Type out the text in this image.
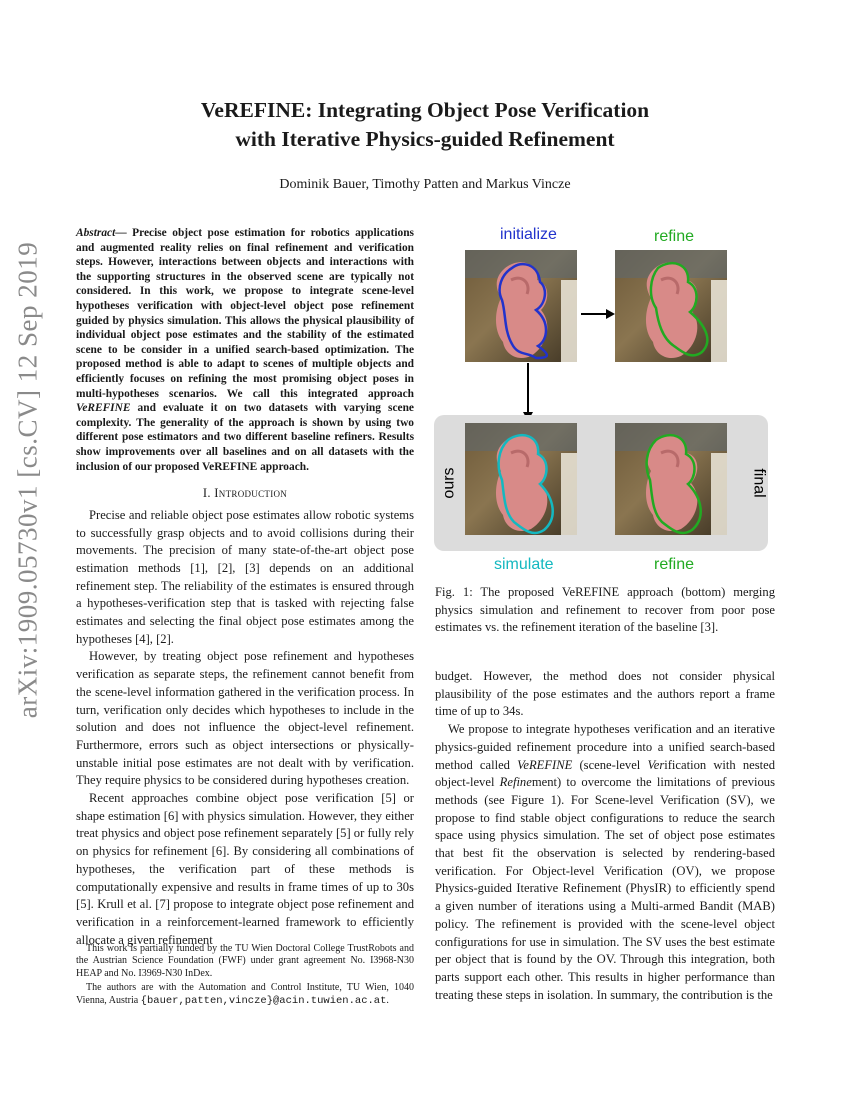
arXiv:1909.05730v1 [cs.CV] 12 Sep 2019
VeREFINE: Integrating Object Pose Verification
with Iterative Physics-guided Refinement
Dominik Bauer, Timothy Patten and Markus Vincze
Abstract— Precise object pose estimation for robotics applications and augmented reality relies on final refinement and verification steps. However, interactions between objects and interactions with the supporting structures in the observed scene are typically not considered. In this work, we propose to integrate scene-level hypotheses verification with object-level object pose refinement guided by physics simulation. This allows the physical plausibility of individual object pose estimates and the stability of the estimated scene to be consider in a unified search-based optimization. The proposed method is able to adapt to scenes of multiple objects and efficiently focuses on refining the most promising object poses in multi-hypotheses scenarios. We call this integrated approach VeREFINE and evaluate it on two datasets with varying scene complexity. The generality of the approach is shown by using two different pose estimators and two different baseline refiners. Results show improvements over all baselines and on all datasets with the inclusion of our proposed VeREFINE approach.
I. Introduction

Precise and reliable object pose estimates allow robotic systems to successfully grasp objects and to avoid collisions during their movements. The precision of many state-of-the-art object pose estimation methods [1], [2], [3] depends on an additional refinement step. The reliability of the estimates is ensured through a hypotheses-verification step that is tasked with rejecting false estimates and selecting the final object pose estimates among the hypotheses [4], [2].

However, by treating object pose refinement and hypotheses verification as separate steps, the refinement cannot benefit from the scene-level information gathered in the verification process. In turn, verification only decides which hypotheses to include in the solution and does not influence the object-level refinement. Furthermore, errors such as object intersections or physically-unstable initial pose estimates are not dealt with by verification. They require physics to be considered during hypotheses creation.

Recent approaches combine object pose verification [5] or shape estimation [6] with physics simulation. However, they either treat physics and object pose refinement separately [5] or fully rely on physics for refinement [6]. By considering all combinations of hypotheses, the verification part of these methods is computationally expensive and results in frame times of up to 30s [5]. Krull et al. [7] propose to integrate object pose refinement and verification in a reinforcement-learned framework to efficiently allocate a given refinement

This work is partially funded by the TU Wien Doctoral College TrustRobots and the Austrian Science Foundation (FWF) under grant agreement No. I3968-N30 HEAP and No. I3969-N30 InDex.

The authors are with the Automation and Control Institute, TU Wien, 1040 Vienna, Austria {bauer,patten,vincze}@acin.tuwien.ac.at.

initialize	refine
simulate	refine
ours	final
Fig. 1: The proposed VeREFINE approach (bottom) merging physics simulation and refinement to recover from poor pose estimates vs. the refinement iteration of the baseline [3].

budget. However, the method does not consider physical plausibility of the pose estimates and the authors report a frame time of up to 34s.

We propose to integrate hypotheses verification and an iterative physics-guided refinement procedure into a unified search-based method called VeREFINE (scene-level Verification with nested object-level Refinement) to overcome the limitations of previous methods (see Figure 1). For Scene-level Verification (SV), we propose to find stable object configurations to reduce the search space using physics simulation. The set of object pose estimates that best fit the observation is selected by rendering-based verification. For Object-level Verification (OV), we propose Physics-guided Iterative Refinement (PhysIR) to efficiently spend a given number of iterations using a Multi-armed Bandit (MAB) policy. The refinement is provided with the scene-level object configurations for use in simulation. The SV uses the best estimate per object that is found by the OV. Through this integration, both parts support each other. This results in higher performance than treating these steps in isolation. In summary, the contribution is the
